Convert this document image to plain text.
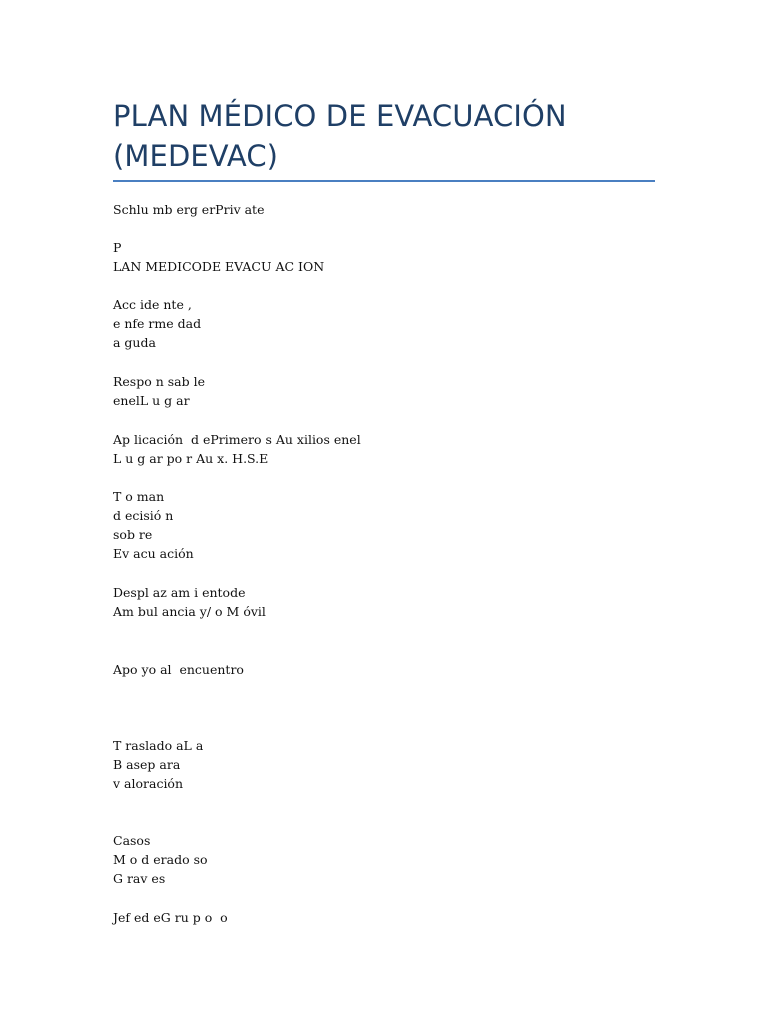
PLAN MÉDICO DE EVACUACIÓN
(MEDEVAC)
Schlu mb erg erPriv ate
P
LAN MEDICODE EVACU AC ION
Acc ide nte ,
e nfe rme dad
a guda
Respo n sab le
enelL u g ar
Ap licación  d ePrimero s Au xilios enel
L u g ar po r Au x. H.S.E
T o man
d ecisió n
sob re
Ev acu ación
Despl az am i entode
Am bul ancia y/ o M óvil
Apo yo al  encuentro
T raslado aL a
B asep ara
v aloración
Casos
M o d erado so
G rav es
Jef ed eG ru p o  o
